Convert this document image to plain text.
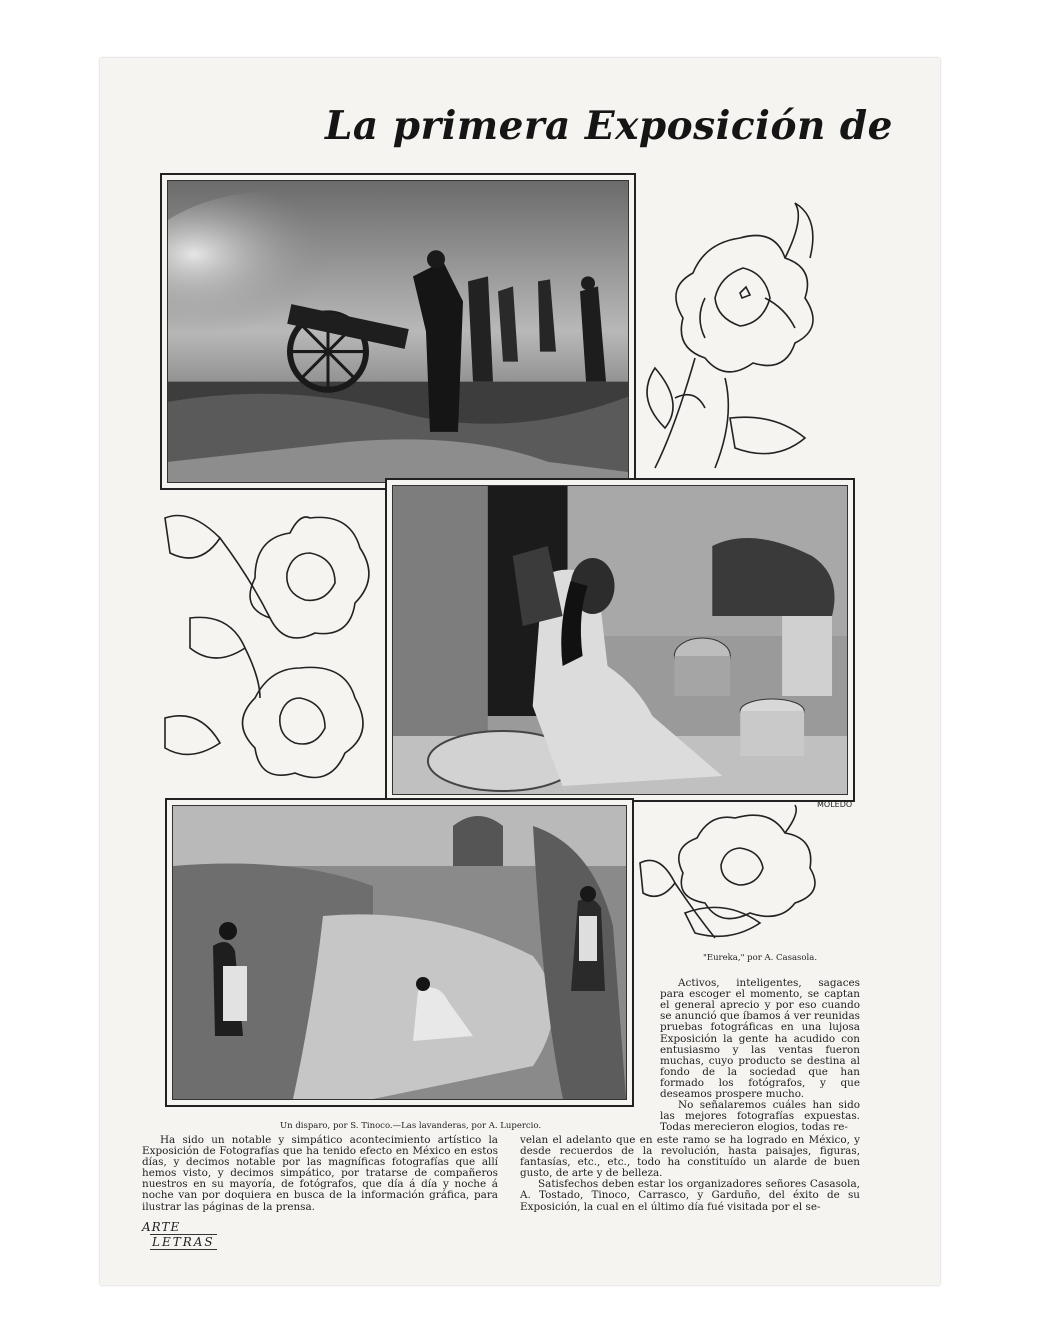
La primera Exposición de
MOLEDO
"Eureka," por A. Casasola.

Activos, inteligentes, sagaces para escoger el momento, se captan el general aprecio y por eso cuando se anunció que íbamos á ver reunidas pruebas fotográficas en una lujosa Exposición la gente ha acudido con entusiasmo y las ventas fueron muchas, cuyo producto se destina al fondo de la sociedad que han formado los fotógrafos, y que deseamos prospere mucho.

No señalaremos cuáles han sido las mejores fotografías expuestas. Todas merecieron elogios, todas re-

Un disparo, por S. Tinoco.—Las lavanderas, por A. Lupercio.

Ha sido un notable y simpático acontecimiento artístico la Exposición de Fotografías que ha tenido efecto en México en estos días, y decimos notable por las magníficas fotografías que allí hemos visto, y decimos simpático, por tratarse de compañeros nuestros en su mayoría, de fotógrafos, que día á día y noche á noche van por doquiera en busca de la información gráfica, para ilustrar las páginas de la prensa.

velan el adelanto que en este ramo se ha logrado en México, y desde recuerdos de la revolución, hasta paisajes, figuras, fantasías, etc., etc., todo ha constituído un alarde de buen gusto, de arte y de belleza.

Satisfechos deben estar los organizadores señores Casasola, A. Tostado, Tinoco, Carrasco, y Garduño, del éxito de su Exposición, la cual en el último día fué visitada por el se-

ARTE
LETRAS
